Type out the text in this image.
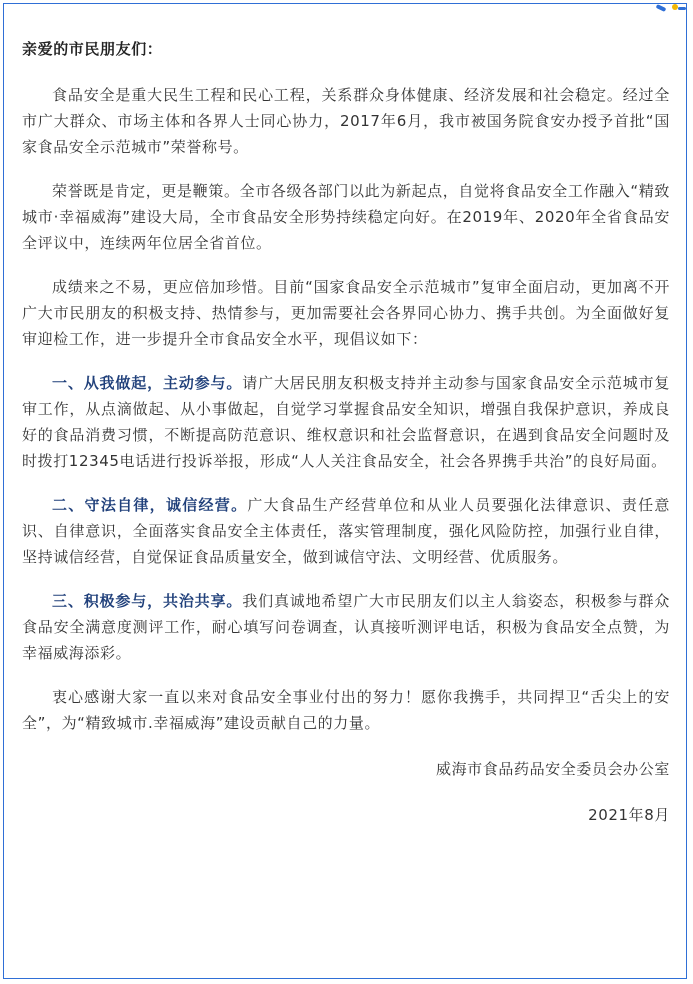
亲爱的市民朋友们：

食品安全是重大民生工程和民心工程，关系群众身体健康、经济发展和社会稳定。经过全市广大群众、市场主体和各界人士同心协力，2017年6月，我市被国务院食安办授予首批“国家食品安全示范城市”荣誉称号。

荣誉既是肯定，更是鞭策。全市各级各部门以此为新起点，自觉将食品安全工作融入“精致城市·幸福威海”建设大局，全市食品安全形势持续稳定向好。在2019年、2020年全省食品安全评议中，连续两年位居全省首位。

成绩来之不易，更应倍加珍惜。目前“国家食品安全示范城市”复审全面启动，更加离不开广大市民朋友的积极支持、热情参与，更加需要社会各界同心协力、携手共创。为全面做好复审迎检工作，进一步提升全市食品安全水平，现倡议如下：

一、从我做起，主动参与。请广大居民朋友积极支持并主动参与国家食品安全示范城市复审工作，从点滴做起、从小事做起，自觉学习掌握食品安全知识，增强自我保护意识，养成良好的食品消费习惯，不断提高防范意识、维权意识和社会监督意识，在遇到食品安全问题时及时拨打12345电话进行投诉举报，形成“人人关注食品安全，社会各界携手共治”的良好局面。

二、守法自律，诚信经营。广大食品生产经营单位和从业人员要强化法律意识、责任意识、自律意识，全面落实食品安全主体责任，落实管理制度，强化风险防控，加强行业自律，坚持诚信经营，自觉保证食品质量安全，做到诚信守法、文明经营、优质服务。

三、积极参与，共治共享。我们真诚地希望广大市民朋友们以主人翁姿态，积极参与群众食品安全满意度测评工作，耐心填写问卷调查，认真接听测评电话，积极为食品安全点赞，为幸福威海添彩。

衷心感谢大家一直以来对食品安全事业付出的努力！愿你我携手，共同捍卫“舌尖上的安全”，为“精致城市.幸福威海”建设贡献自己的力量。

威海市食品药品安全委员会办公室

2021年8月
